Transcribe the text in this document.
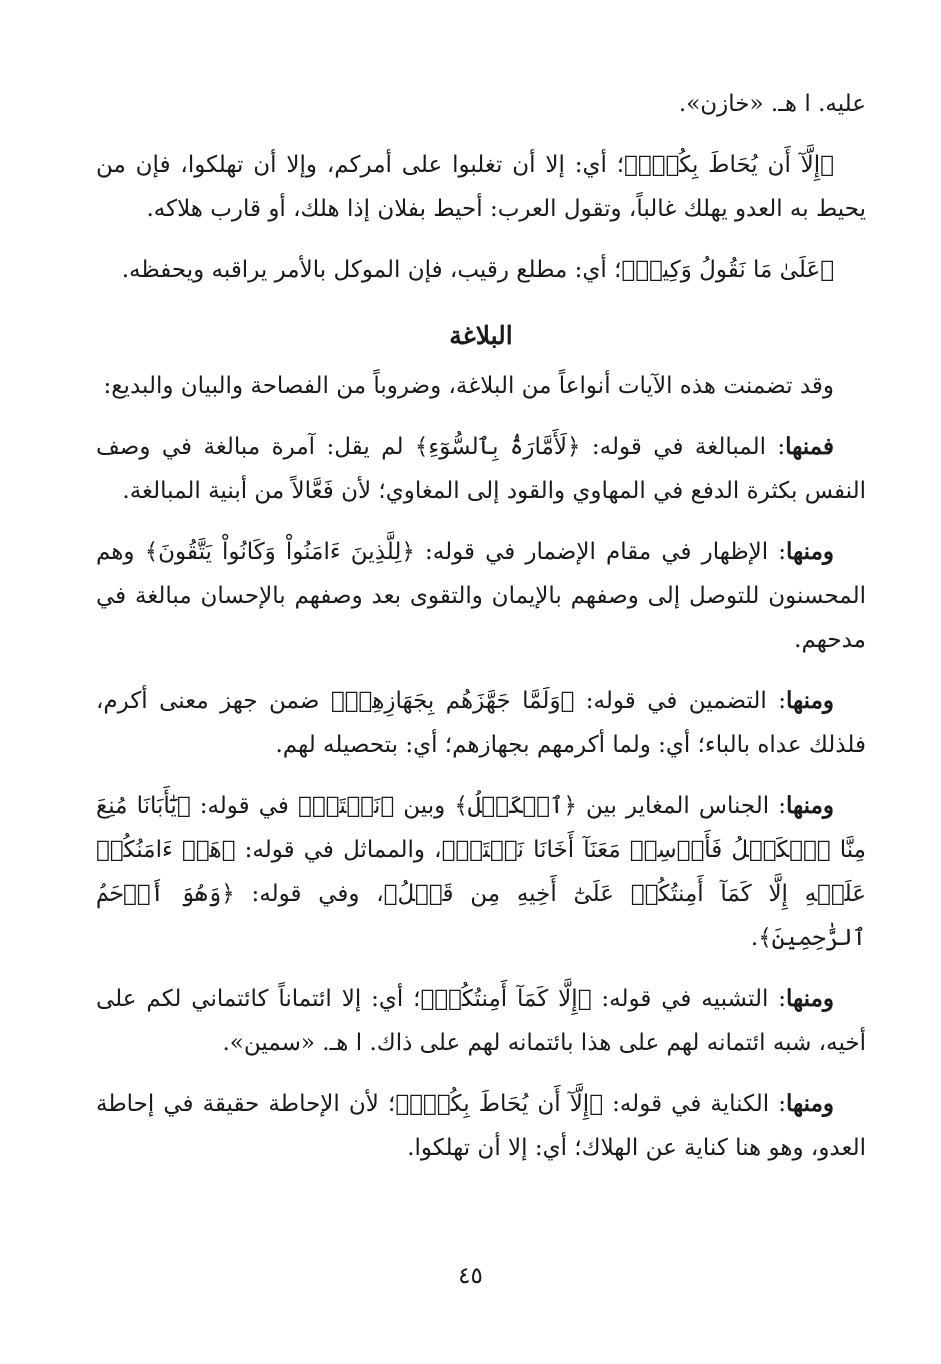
عليه. ا هـ. «خازن».

﴿إِلَّآ أَن يُحَاطَ بِكُمۡۖ﴾؛ أي: إلا أن تغلبوا على أمركم، وإلا أن تهلكوا، فإن من يحيط به العدو يهلك غالباً، وتقول العرب: أحيط بفلان إذا هلك، أو قارب هلاكه.

﴿عَلَىٰ مَا نَقُولُ وَكِيلٞ﴾؛ أي: مطلع رقيب، فإن الموكل بالأمر يراقبه ويحفظه.

البلاغة

وقد تضمنت هذه الآيات أنواعاً من البلاغة، وضروباً من الفصاحة والبيان والبديع:

فمنها: المبالغة في قوله: ﴿لَأَمَّارَةُۢ بِٱلسُّوٓءِ﴾ لم يقل: آمرة مبالغة في وصف النفس بكثرة الدفع في المهاوي والقود إلى المغاوي؛ لأن فَعَّالاً من أبنية المبالغة.

ومنها: الإظهار في مقام الإضمار في قوله: ﴿لِلَّذِينَ ءَامَنُواْ وَكَانُواْ يَتَّقُونَ﴾ وهم المحسنون للتوصل إلى وصفهم بالإيمان والتقوى بعد وصفهم بالإحسان مبالغة في مدحهم.

ومنها: التضمين في قوله: ﴿وَلَمَّا جَهَّزَهُم بِجَهَازِهِمۡ﴾ ضمن جهز معنى أكرم، فلذلك عداه بالباء؛ أي: ولما أكرمهم بجهازهم؛ أي: بتحصيله لهم.

ومنها: الجناس المغاير بين ﴿ٱلۡكَيۡلُ﴾ وبين ﴿نَكۡتَلۡ﴾ في قوله: ﴿يَٰٓأَبَانَا مُنِعَ مِنَّا ٱلۡكَيۡلُ فَأَرۡسِلۡ مَعَنَآ أَخَانَا نَكۡتَلۡ﴾، والمماثل في قوله: ﴿هَلۡ ءَامَنُكُمۡ عَلَيۡهِ إِلَّا كَمَآ أَمِنتُكُمۡ عَلَىٰٓ أَخِيهِ مِن قَبۡلُ﴾، وفي قوله: ﴿وَهُوَ أَرۡحَمُ ٱلرَّٰحِمِينَ﴾.

ومنها: التشبيه في قوله: ﴿إِلَّا كَمَآ أَمِنتُكُمۡ﴾؛ أي: إلا ائتماناً كائتماني لكم على أخيه، شبه ائتمانه لهم على هذا بائتمانه لهم على ذاك. ا هـ. «سمين».

ومنها: الكناية في قوله: ﴿إِلَّآ أَن يُحَاطَ بِكُمۡۖ﴾؛ لأن الإحاطة حقيقة في إحاطة العدو، وهو هنا كناية عن الهلاك؛ أي: إلا أن تهلكوا.

٤٥
